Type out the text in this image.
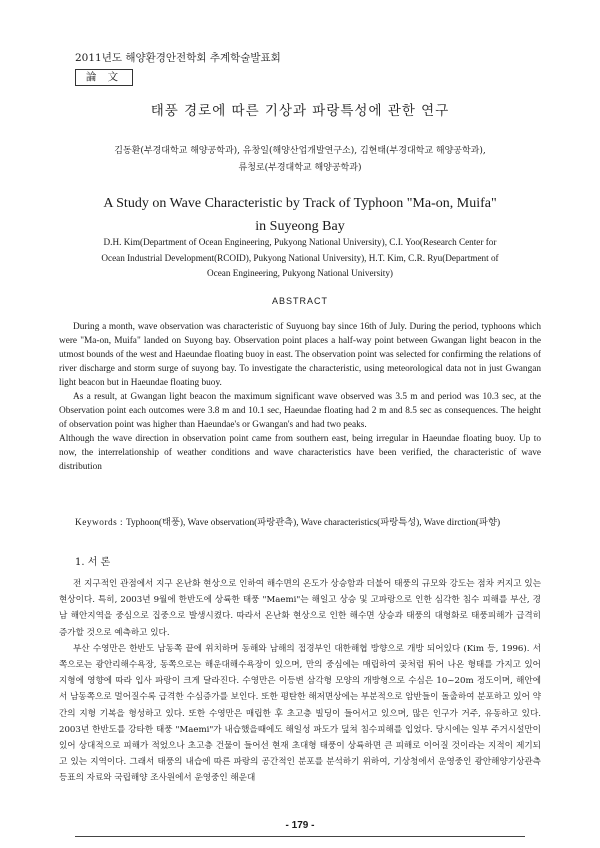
2011년도 해양환경안전학회 추계학술발표회
論 文
태풍 경로에 따른 기상과 파랑특성에 관한 연구
김동환(부경대학교 해양공학과), 유창일(해양산업개발연구소), 김현태(부경대학교 해양공학과),
류청로(부경대학교 해양공학과)
A Study on Wave Characteristic by Track of Typhoon "Ma-on, Muifa"
in Suyeong Bay
D.H. Kim(Department of Ocean Engineering, Pukyong National University), C.I. Yoo(Research Center for
Ocean Industrial Development(RCOID), Pukyong National University), H.T. Kim, C.R. Ryu(Department of
Ocean Engineering, Pukyong National University)
ABSTRACT

During a month, wave observation was characteristic of Suyuong bay since 16th of July. During the period, typhoons which were "Ma-on, Muifa" landed on Suyong bay. Observation point places a half-way point between Gwangan light beacon in the utmost bounds of the west and Haeundae floating buoy in east. The observation point was selected for confirming the relations of river discharge and storm surge of suyong bay. To investigate the characteristic, using meteorological data not in just Gwangan light beacon but in Haeundae floating buoy.

As a result, at Gwangan light beacon the maximum significant wave observed was 3.5 m and period was 10.3 sec, at the Observation point each outcomes were 3.8 m and 10.1 sec, Haeundae floating had 2 m and 8.5 sec as consequences. The height of observation point was higher than Haeundae's or Gwangan's and had two peaks.

Although the wave direction in observation point came from southern east, being irregular in Haeundae floating buoy. Up to now, the interrelationship of weather conditions and wave characteristics have been verified, the characteristic of wave distribution

Keywords : Typhoon(태풍), Wave observation(파랑관측), Wave characteristics(파랑특성), Wave dirction(파향)
1. 서 론

전 지구적인 관점에서 지구 온난화 현상으로 인하여 해수면의 온도가 상승함과 더불어 태풍의 규모와 강도는 점차 커지고 있는 현상이다. 특히, 2003년 9월에 한반도에 상륙한 태풍 "Maemi"는 해일고 상승 및 고파랑으로 인한 심각한 침수 피해를 부산, 경남 해안지역을 중심으로 집중으로 발생시켰다. 따라서 온난화 현상으로 인한 해수면 상승과 태풍의 대형화로 태풍피해가 급격히 증가할 것으로 예측하고 있다.

부산 수영만은 한반도 남동쪽 끝에 위치하며 동해와 남해의 접경부인 대한해협 방향으로 개방 되어있다 (Kim 등, 1996). 서쪽으로는 광안리해수욕장, 동쪽으로는 해운대해수욕장이 있으며, 만의 중심에는 매립하여 곶처럼 튀어 나온 형태를 가지고 있어 지형에 영향에 따라 입사 파랑이 크게 달라진다. 수영만은 이등변 삼각형 모양의 개방형으로 수심은 10~20m 정도이며, 해안에서 남동쪽으로 멀어질수록 급격한 수심증가를 보인다. 또한 평탄한 해저면상에는 부분적으로 암반들이 돌출하여 분포하고 있어 약간의 지형 기복을 형성하고 있다. 또한 수영만은 매립한 후 초고층 빌딩이 들어서고 있으며, 많은 인구가 거주, 유동하고 있다. 2003년 한반도를 강타한 태풍 "Maemi"가 내습했을때에도 해일성 파도가 덮쳐 침수피해를 입었다. 당시에는 일부 주거시설만이 있어 상대적으로 피해가 적었으나 초고층 건물이 들어선 현재 초대형 태풍이 상륙하면 큰 피해로 이어질 것이라는 지적이 제기되고 있는 지역이다. 그래서 태풍의 내습에 따른 파랑의 공간적인 분포를 분석하기 위하여, 기상청에서 운영중인 광안해양기상관측 등표의 자료와 국립해양 조사원에서 운영중인 해운대

- 179 -
